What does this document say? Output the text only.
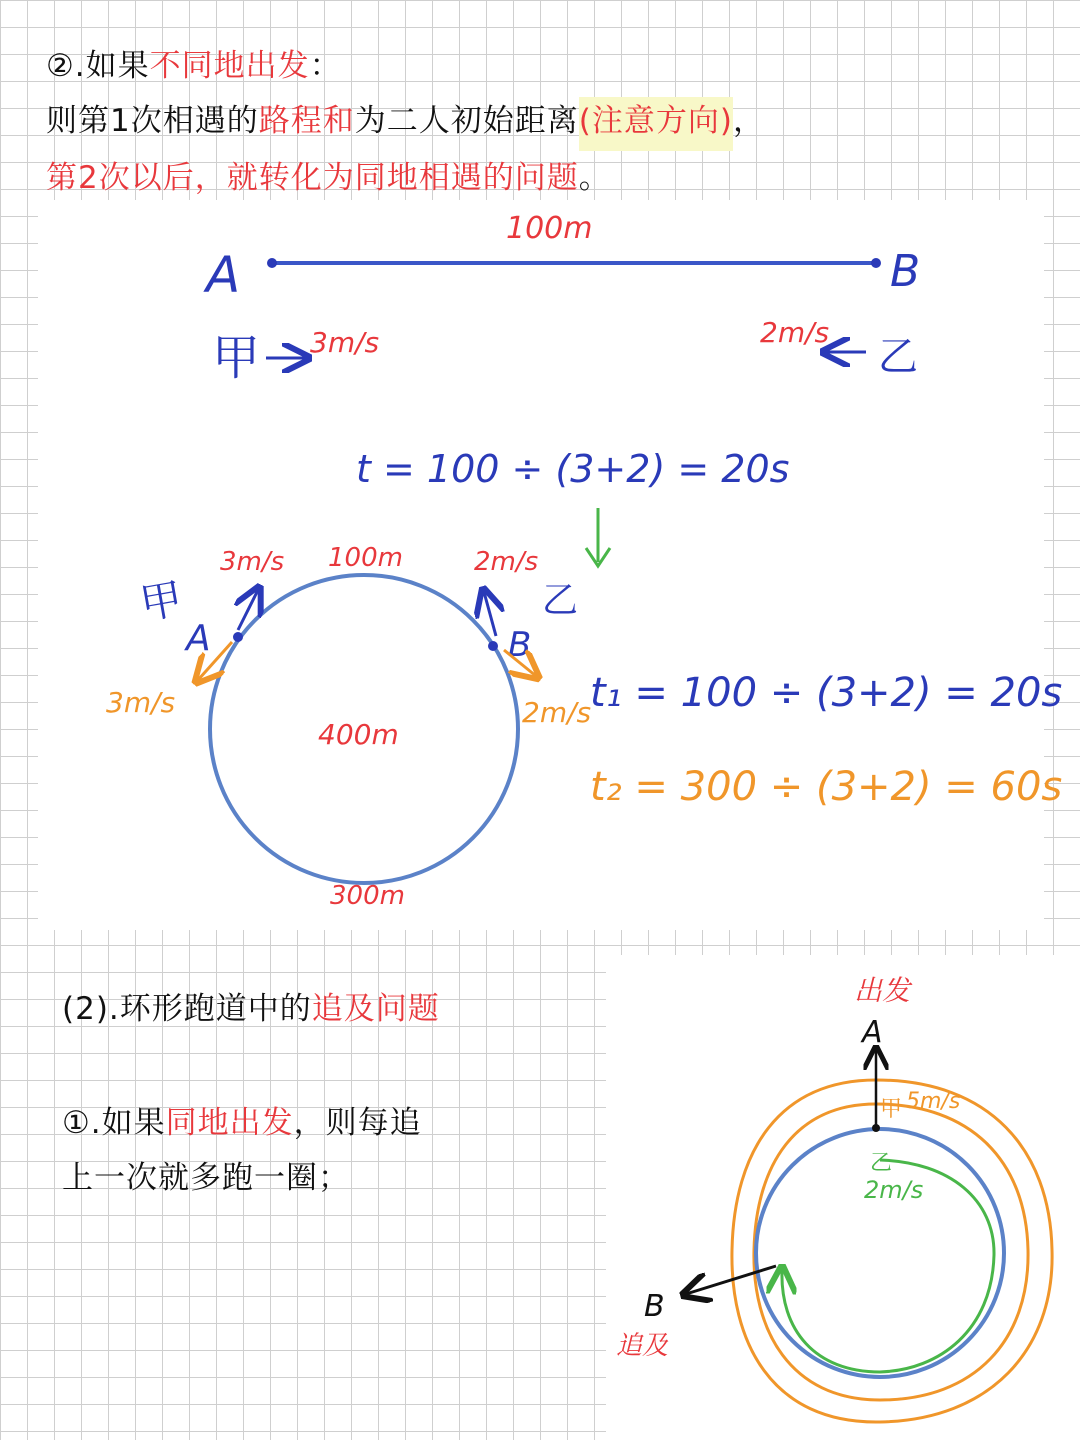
②.如果不同地出发：

则第1次相遇的路程和为二人初始距离(注意方向)，

第2次以后，就转化为同地相遇的问题。

(2).环形跑道中的追及问题

①.如果同地出发，则每追

上一次就多跑一圈；

A	B
100m
甲 3m/s	2m/s
乙
t = 100 ÷ (3+2) = 20s
甲
A	B
乙
3m/s 100m	2m/s
3m/s	2m/s
400m
300m
t₁ = 100 ÷ (3+2) = 20s
t₂ = 300 ÷ (3+2) = 60s
出发
A
甲 5m/s
乙
2m/s
B
追及
